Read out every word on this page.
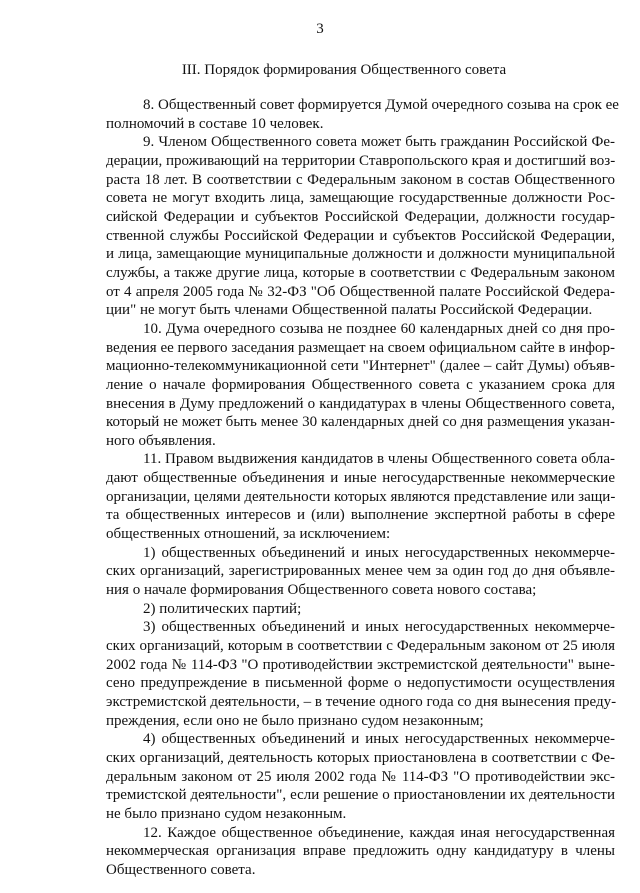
3
III. Порядок формирования Общественного совета
8. Общественный совет формируется Думой очередного созыва на срок ее
полномочий в составе 10 человек.
9. Членом Общественного совета может быть гражданин Российской Фе-
дерации, проживающий на территории Ставропольского края и достигший воз-
раста 18 лет. В соответствии с Федеральным законом в состав Общественного
совета не могут входить лица, замещающие государственные должности Рос-
сийской Федерации и субъектов Российской Федерации, должности государ-
ственной службы Российской Федерации и субъектов Российской Федерации,
и лица, замещающие муниципальные должности и должности муниципальной
службы, а также другие лица, которые в соответствии с Федеральным законом
от 4 апреля 2005 года № 32-ФЗ "Об Общественной палате Российской Федера-
ции" не могут быть членами Общественной палаты Российской Федерации.
10. Дума очередного созыва не позднее 60 календарных дней со дня про-
ведения ее первого заседания размещает на своем официальном сайте в инфор-
мационно-телекоммуникационной сети "Интернет" (далее – сайт Думы) объяв-
ление о начале формирования Общественного совета с указанием срока для
внесения в Думу предложений о кандидатурах в члены Общественного совета,
который не может быть менее 30 календарных дней со дня размещения указан-
ного объявления.
11. Правом выдвижения кандидатов в члены Общественного совета обла-
дают общественные объединения и иные негосударственные некоммерческие
организации, целями деятельности которых являются представление или защи-
та общественных интересов и (или) выполнение экспертной работы в сфере
общественных отношений, за исключением:
1) общественных объединений и иных негосударственных некоммерче-
ских организаций, зарегистрированных менее чем за один год до дня объявле-
ния о начале формирования Общественного совета нового состава;
2) политических партий;
3) общественных объединений и иных негосударственных некоммерче-
ских организаций, которым в соответствии с Федеральным законом от 25 июля
2002 года № 114-ФЗ "О противодействии экстремистской деятельности" выне-
сено предупреждение в письменной форме о недопустимости осуществления
экстремистской деятельности, – в течение одного года со дня вынесения преду-
преждения, если оно не было признано судом незаконным;
4) общественных объединений и иных негосударственных некоммерче-
ских организаций, деятельность которых приостановлена в соответствии с Фе-
деральным законом от 25 июля 2002 года № 114-ФЗ "О противодействии экс-
тремистской деятельности", если решение о приостановлении их деятельности
не было признано судом незаконным.
12. Каждое общественное объединение, каждая иная негосударственная
некоммерческая организация вправе предложить одну кандидатуру в члены
Общественного совета.
